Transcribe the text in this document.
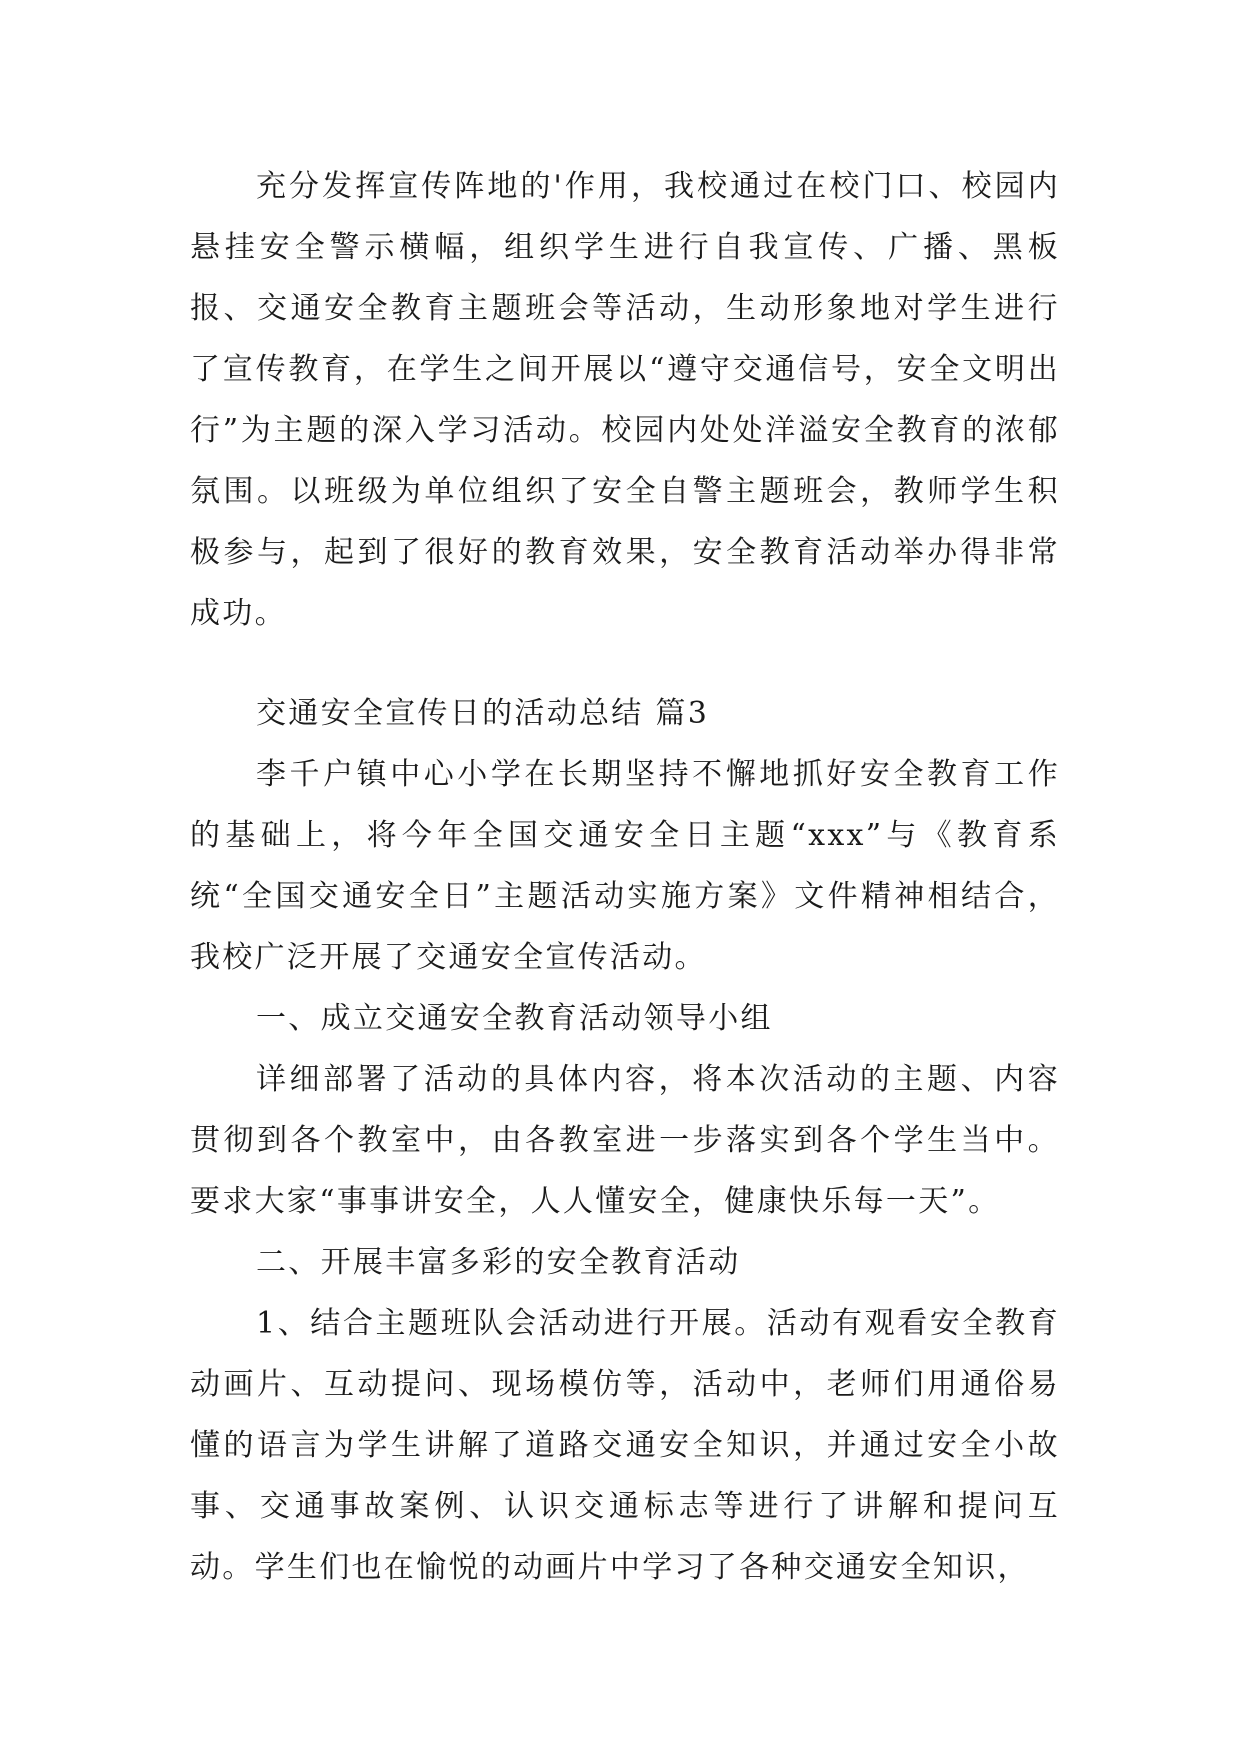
充分发挥宣传阵地的'作用，我校通过在校门口、校园内悬挂安全警示横幅，组织学生进行自我宣传、广播、黑板报、交通安全教育主题班会等活动，生动形象地对学生进行了宣传教育，在学生之间开展以“遵守交通信号，安全文明出行”为主题的深入学习活动。校园内处处洋溢安全教育的浓郁氛围。以班级为单位组织了安全自警主题班会，教师学生积极参与，起到了很好的教育效果，安全教育活动举办得非常成功。

交通安全宣传日的活动总结 篇3

李千户镇中心小学在长期坚持不懈地抓好安全教育工作的基础上，将今年全国交通安全日主题“xxx”与《教育系统“全国交通安全日”主题活动实施方案》文件精神相结合，我校广泛开展了交通安全宣传活动。

一、成立交通安全教育活动领导小组

详细部署了活动的具体内容，将本次活动的主题、内容贯彻到各个教室中，由各教室进一步落实到各个学生当中。要求大家“事事讲安全，人人懂安全，健康快乐每一天”。

二、开展丰富多彩的安全教育活动

1、结合主题班队会活动进行开展。活动有观看安全教育动画片、互动提问、现场模仿等，活动中，老师们用通俗易懂的语言为学生讲解了道路交通安全知识，并通过安全小故事、交通事故案例、认识交通标志等进行了讲解和提问互动。学生们也在愉悦的动画片中学习了各种交通安全知识，
